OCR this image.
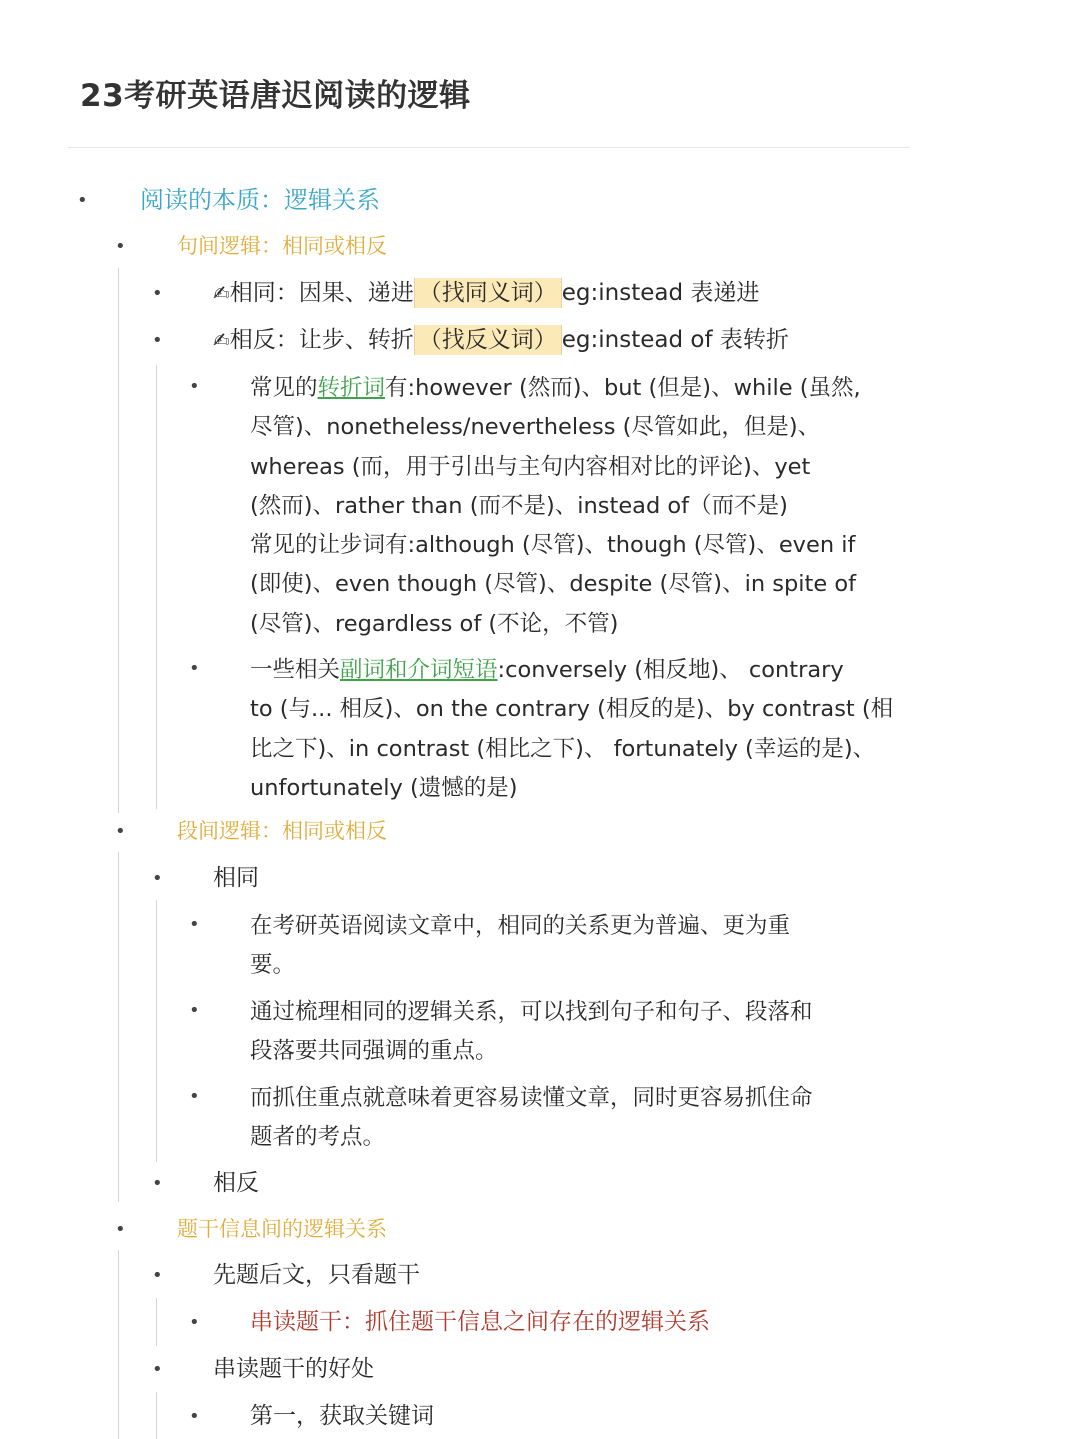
23考研英语唐迟阅读的逻辑
• 阅读的本质：逻辑关系
• 句间逻辑：相同或相反
•	✍相同：因果、递进 （找同义词） eg:instead 表递进
•	✍相反：让步、转折 （找反义词） eg:instead of 表转折
• 常见的转折词有:however (然而)、but (但是)、while (虽然,
尽管)、nonetheless/nevertheless (尽管如此，但是)、
whereas (而，用于引出与主句内容相对比的评论)、yet
(然而)、rather than (而不是)、instead of（而不是)
常见的让步词有:although (尽管)、though (尽管)、even if
(即使)、even though (尽管)、despite (尽管)、in spite of
(尽管)、regardless of (不论，不管)
• 一些相关副词和介词短语:conversely (相反地)、 contrary
to (与... 相反)、on the contrary (相反的是)、by contrast (相
比之下)、in contrast (相比之下)、 fortunately (幸运的是)、
unfortunately (遗憾的是)
• 段间逻辑：相同或相反
• 相同
• 在考研英语阅读文章中，相同的关系更为普遍、更为重
要。
• 通过梳理相同的逻辑关系，可以找到句子和句子、段落和
段落要共同强调的重点。
• 而抓住重点就意味着更容易读懂文章，同时更容易抓住命
题者的考点。
• 相反
• 题干信息间的逻辑关系
• 先题后文，只看题干
• 串读题干：抓住题干信息之间存在的逻辑关系
• 串读题干的好处
• 第一，获取关键词
